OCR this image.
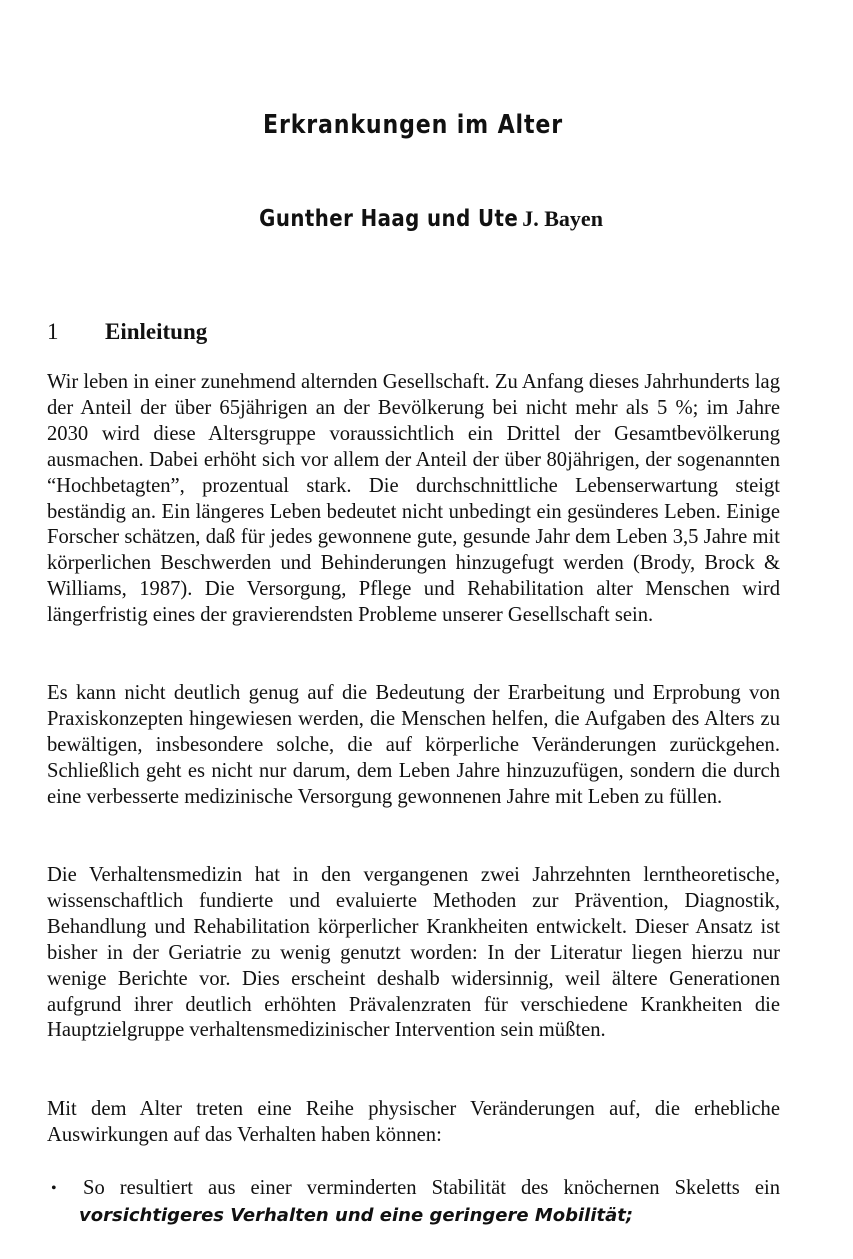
Erkrankungen im Alter

Gunther Haag und Ute J. Bayen

1 Einleitung

Wir leben in einer zunehmend alternden Gesellschaft. Zu Anfang dieses Jahrhunderts lag der Anteil der über 65jährigen an der Bevölkerung bei nicht mehr als 5 %; im Jahre 2030 wird diese Altersgruppe voraussichtlich ein Drittel der Gesamtbevölkerung ausmachen. Dabei erhöht sich vor allem der Anteil der über 80jährigen, der sogenannten “Hochbetagten”, prozentual stark. Die durchschnittliche Lebenserwartung steigt beständig an. Ein längeres Leben bedeutet nicht unbedingt ein gesünderes Leben. Einige Forscher schätzen, daß für jedes gewonnene gute, gesunde Jahr dem Leben 3,5 Jahre mit körperlichen Beschwerden und Behinderungen hinzugefugt werden (Brody, Brock & Williams, 1987). Die Versorgung, Pflege und Rehabilitation alter Menschen wird längerfristig eines der gravierendsten Probleme unserer Gesellschaft sein.

Es kann nicht deutlich genug auf die Bedeutung der Erarbeitung und Erprobung von Praxiskonzepten hingewiesen werden, die Menschen helfen, die Aufgaben des Alters zu bewältigen, insbesondere solche, die auf körperliche Veränderungen zurückgehen. Schließlich geht es nicht nur darum, dem Leben Jahre hinzuzufügen, sondern die durch eine verbesserte medizinische Versorgung gewonnenen Jahre mit Leben zu füllen.

Die Verhaltensmedizin hat in den vergangenen zwei Jahrzehnten lerntheoretische, wissenschaftlich fundierte und evaluierte Methoden zur Prävention, Diagnostik, Behandlung und Rehabilitation körperlicher Krankheiten entwickelt. Dieser Ansatz ist bisher in der Geriatrie zu wenig genutzt worden: In der Literatur liegen hierzu nur wenige Berichte vor. Dies erscheint deshalb widersinnig, weil ältere Generationen aufgrund ihrer deutlich erhöhten Prävalenzraten für verschiedene Krankheiten die Hauptzielgruppe verhaltensmedizinischer Intervention sein müßten.

Mit dem Alter treten eine Reihe physischer Veränderungen auf, die erhebliche Auswirkungen auf das Verhalten haben können:

•	So resultiert aus einer verminderten Stabilität des knöchernen Skeletts ein
vorsichtigeres Verhalten und eine geringere Mobilität;
